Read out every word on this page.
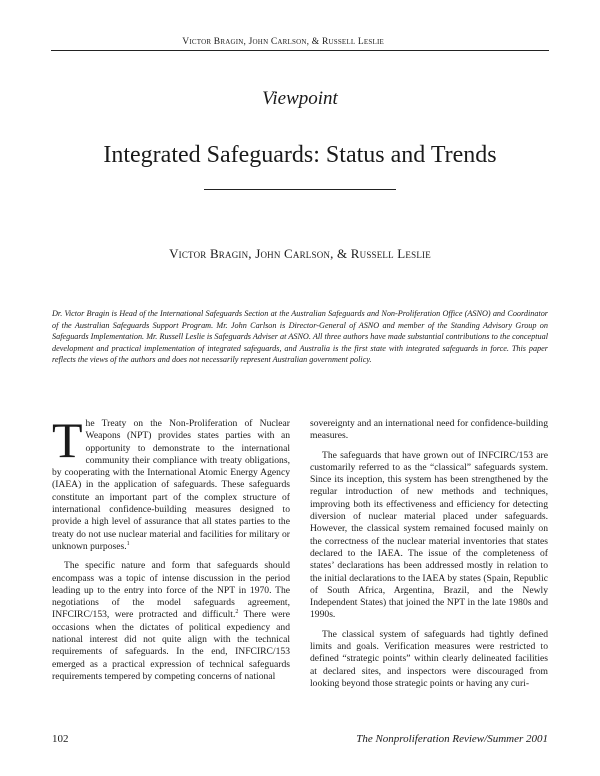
Victor Bragin, John Carlson, & Russell Leslie
Viewpoint
Integrated Safeguards: Status and Trends
Victor Bragin, John Carlson, & Russell Leslie
Dr. Victor Bragin is Head of the International Safeguards Section at the Australian Safeguards and Non-Proliferation Office (ASNO) and Coordinator of the Australian Safeguards Support Program. Mr. John Carlson is Director-General of ASNO and member of the Standing Advisory Group on Safeguards Implementation. Mr. Russell Leslie is Safeguards Adviser at ASNO. All three authors have made substantial contributions to the conceptual development and practical implementation of integrated safeguards, and Australia is the first state with integrated safeguards in force. This paper reflects the views of the authors and does not necessarily represent Australian government policy.

The Treaty on the Non-Proliferation of Nuclear Weapons (NPT) provides states parties with an opportunity to demonstrate to the international community their compliance with treaty obligations, by cooperating with the International Atomic Energy Agency (IAEA) in the application of safeguards. These safeguards constitute an important part of the complex structure of international confidence-building measures designed to provide a high level of assurance that all states parties to the treaty do not use nuclear material and facilities for military or unknown purposes.$^1$

The specific nature and form that safeguards should encompass was a topic of intense discussion in the period leading up to the entry into force of the NPT in 1970. The negotiations of the model safeguards agreement, INFCIRC/153, were protracted and difficult.$^2$ There were occasions when the dictates of political expediency and national interest did not quite align with the technical requirements of safeguards. In the end, INFCIRC/153 emerged as a practical expression of technical safeguards requirements tempered by competing concerns of national

sovereignty and an international need for confidence-building measures.

The safeguards that have grown out of INFCIRC/153 are customarily referred to as the “classical” safeguards system. Since its inception, this system has been strengthened by the regular introduction of new methods and techniques, improving both its effectiveness and efficiency for detecting diversion of nuclear material placed under safeguards. However, the classical system remained focused mainly on the correctness of the nuclear material inventories that states declared to the IAEA. The issue of the completeness of states’ declarations has been addressed mostly in relation to the initial declarations to the IAEA by states (Spain, Republic of South Africa, Argentina, Brazil, and the Newly Independent States) that joined the NPT in the late 1980s and 1990s.

The classical system of safeguards had tightly defined limits and goals. Verification measures were restricted to defined “strategic points” within clearly delineated facilities at declared sites, and inspectors were discouraged from looking beyond those strategic points or having any curi-

102	The Nonproliferation Review/Summer 2001
